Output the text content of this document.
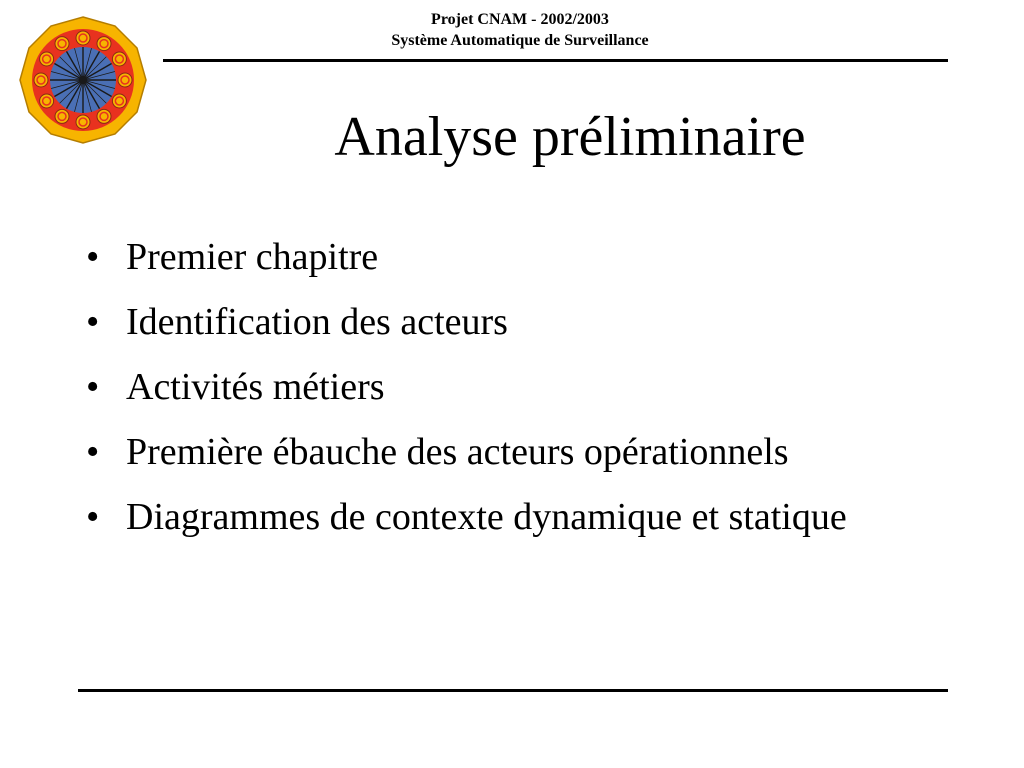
Projet CNAM - 2002/2003
Système Automatique de Surveillance
Analyse préliminaire
• Premier chapitre
• Identification des acteurs
• Activités métiers
• Première ébauche des acteurs opérationnels
• Diagrammes de contexte dynamique et statique
